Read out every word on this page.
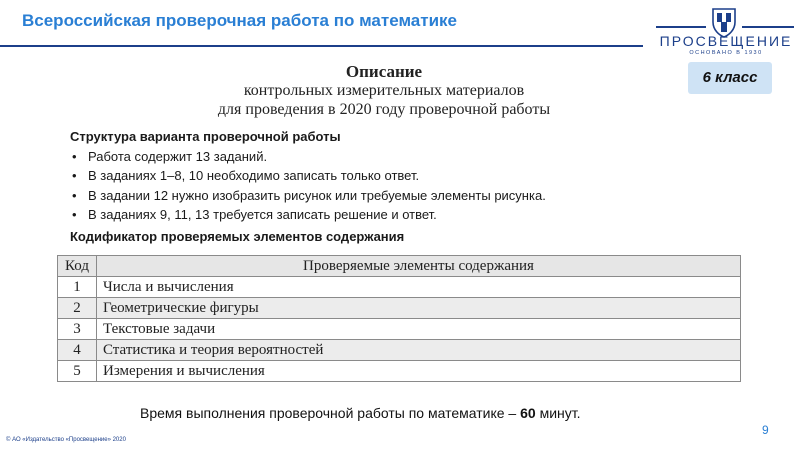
Всероссийская проверочная работа по математике
ПРОСВЕЩЕНИЕ
ОСНОВАНО В 1930
6 класс
Описание
контрольных измерительных материалов
для проведения в 2020 году проверочной работы
Структура варианта проверочной работы
• Работа содержит 13 заданий.
• В заданиях 1–8, 10 необходимо записать только ответ.
• В задании 12 нужно изобразить рисунок или требуемые элементы рисунка.
• В заданиях 9, 11, 13 требуется записать решение и ответ.
Кодификатор проверяемых элементов содержания
Код	Проверяемые элементы содержания
1	Числа и вычисления
2	Геометрические фигуры
3	Текстовые задачи
4	Статистика и теория вероятностей
5	Измерения и вычисления
Время выполнения проверочной работы по математике – 60 минут.
9
© АО «Издательство «Просвещение» 2020
